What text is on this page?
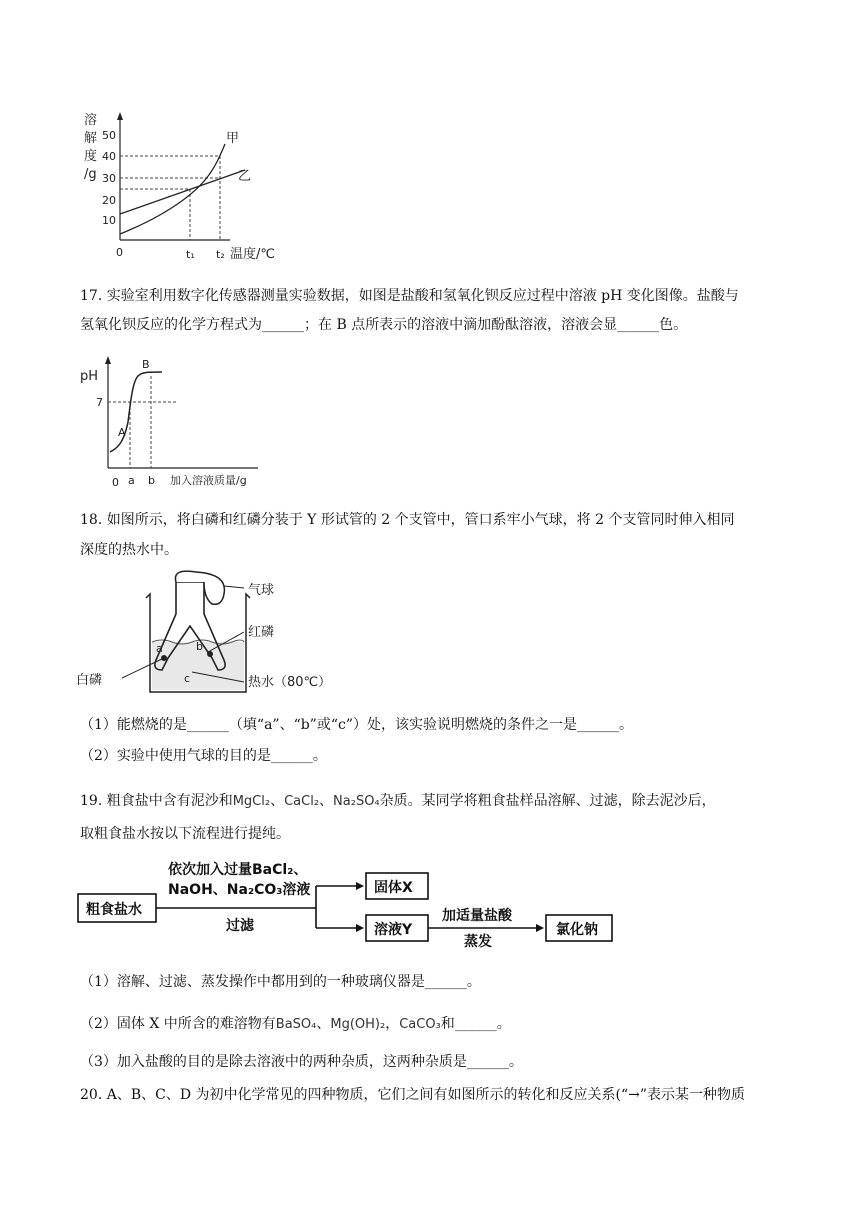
溶
解
度
/g
50
40
30
20
10
甲
乙
0	t₁ t₂ 温度/℃
17. 实验室利用数字化传感器测量实验数据，如图是盐酸和氢氧化钡反应过程中溶液 pH 变化图像。盐酸与
氢氧化钡反应的化学方程式为______；在 B 点所表示的溶液中滴加酚酞溶液，溶液会显______色。
pH
7
A
B
0 a b 加入溶液质量/g
18. 如图所示，将白磷和红磷分装于 Y 形试管的 2 个支管中，管口系牢小气球，将 2 个支管同时伸入相同
深度的热水中。
a	b
c
气球
红磷
白磷	热水（80℃）
（1）能燃烧的是______（填“a”、“b”或“c”）处，该实验说明燃烧的条件之一是______。
（2）实验中使用气球的目的是______。
19. 粗食盐中含有泥沙和MgCl₂、CaCl₂、Na₂SO₄杂质。某同学将粗食盐样品溶解、过滤，除去泥沙后，
取粗食盐水按以下流程进行提纯。
粗食盐水
依次加入过量BaCl₂、
NaOH、Na₂CO₃溶液
过滤
固体X
溶液Y
加适量盐酸
蒸发
氯化钠
（1）溶解、过滤、蒸发操作中都用到的一种玻璃仪器是______。
（2）固体 X 中所含的难溶物有BaSO₄、Mg(OH)₂，CaCO₃和______。
（3）加入盐酸的目的是除去溶液中的两种杂质，这两种杂质是______。
20. A、B、C、D 为初中化学常见的四种物质，它们之间有如图所示的转化和反应关系(“→”表示某一种物质
